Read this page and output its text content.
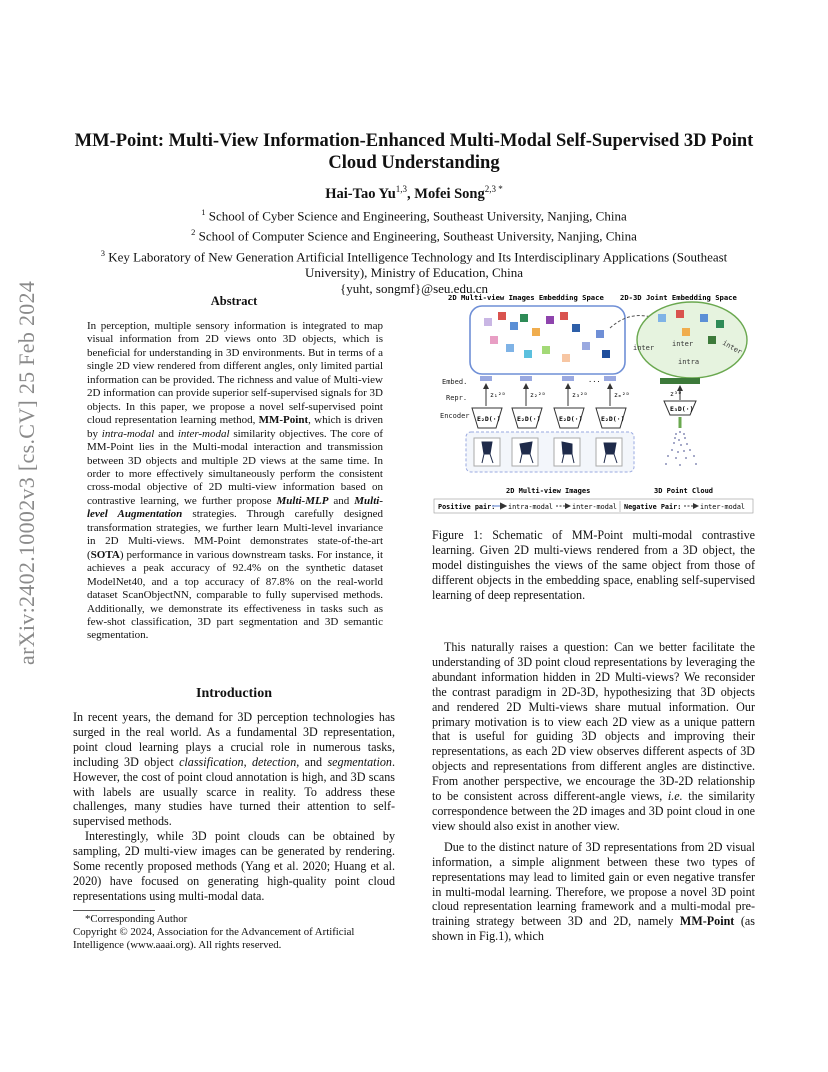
arXiv:2402.10002v3 [cs.CV] 25 Feb 2024
MM-Point: Multi-View Information-Enhanced Multi-Modal Self-Supervised 3D Point Cloud Understanding
Hai-Tao Yu$^{1,3}$, Mofei Song$^{2,3 *}$
$^1$ School of Cyber Science and Engineering, Southeast University, Nanjing, China
$^2$ School of Computer Science and Engineering, Southeast University, Nanjing, China
$^3$ Key Laboratory of New Generation Artificial Intelligence Technology and Its Interdisciplinary Applications (Southeast University), Ministry of Education, China
{yuht, songmf}@seu.edu.cn
Abstract
In perception, multiple sensory information is integrated to map visual information from 2D views onto 3D objects, which is beneficial for understanding in 3D environments. But in terms of a single 2D view rendered from different angles, only limited partial information can be provided. The richness and value of Multi-view 2D information can provide superior self-supervised signals for 3D objects. In this paper, we propose a novel self-supervised point cloud representation learning method, MM-Point, which is driven by intra-modal and inter-modal similarity objectives. The core of MM-Point lies in the Multi-modal interaction and transmission between 3D objects and multiple 2D views at the same time. In order to more effectively simultaneously perform the consistent cross-modal objective of 2D multi-view information based on contrastive learning, we further propose Multi-MLP and Multi-level Augmentation strategies. Through carefully designed transformation strategies, we further learn Multi-level invariance in 2D Multi-views. MM-Point demonstrates state-of-the-art (SOTA) performance in various downstream tasks. For instance, it achieves a peak accuracy of 92.4% on the synthetic dataset ModelNet40, and a top accuracy of 87.8% on the real-world dataset ScanObjectNN, comparable to fully supervised methods. Additionally, we demonstrate its effectiveness in tasks such as few-shot classification, 3D part segmentation and 3D semantic segmentation.
Introduction

In recent years, the demand for 3D perception technologies has surged in the real world. As a fundamental 3D representation, point cloud learning plays a crucial role in numerous tasks, including 3D object classification, detection, and segmentation. However, the cost of point cloud annotation is high, and 3D scans with labels are usually scarce in reality. To address these challenges, many studies have turned their attention to self-supervised methods.

Interestingly, while 3D point clouds can be obtained by sampling, 2D multi-view images can be generated by rendering. Some recently proposed methods (Yang et al. 2020; Huang et al. 2020) have focused on generating high-quality point cloud representations using multi-modal data.

*Corresponding Author
Copyright © 2024, Association for the Advancement of Artificial Intelligence (www.aaai.org). All rights reserved.
2D Multi-view Images Embedding Space 2D-3D Joint Embedding Space
inter	inter	inter
intra
Embed.
Repr.
Encoder
z₁²ᴰ
E₂D(·)
z₂²ᴰ
E₂D(·)
z₃²ᴰ
E₂D(·)
...
zₘ²ᴰ
E₂D(·)
z³ᴰ
E₃D(·)
2D Multi-view Images	3D Point Cloud
Positive pair: intra-modal	inter-modal Negative Pair:	inter-modal
Figure 1: Schematic of MM-Point multi-modal contrastive learning. Given 2D multi-views rendered from a 3D object, the model distinguishes the views of the same object from those of different objects in the embedding space, enabling self-supervised learning of deep representation.

This naturally raises a question: Can we better facilitate the understanding of 3D point cloud representations by leveraging the abundant information hidden in 2D Multi-views? We reconsider the contrast paradigm in 2D-3D, hypothesizing that 3D objects and rendered 2D Multi-views share mutual information. Our primary motivation is to view each 2D view as a unique pattern that is useful for guiding 3D objects and improving their representations, as each 2D view observes different aspects of 3D objects and representations from different angles are distinctive. From another perspective, we encourage the 3D-2D relationship to be consistent across different-angle views, i.e. the similarity correspondence between the 2D images and 3D point cloud in one view should also exist in another view.

Due to the distinct nature of 3D representations from 2D visual information, a simple alignment between these two types of representations may lead to limited gain or even negative transfer in multi-modal learning. Therefore, we propose a novel 3D point cloud representation learning framework and a multi-modal pre-training strategy between 3D and 2D, namely MM-Point (as shown in Fig.1), which
